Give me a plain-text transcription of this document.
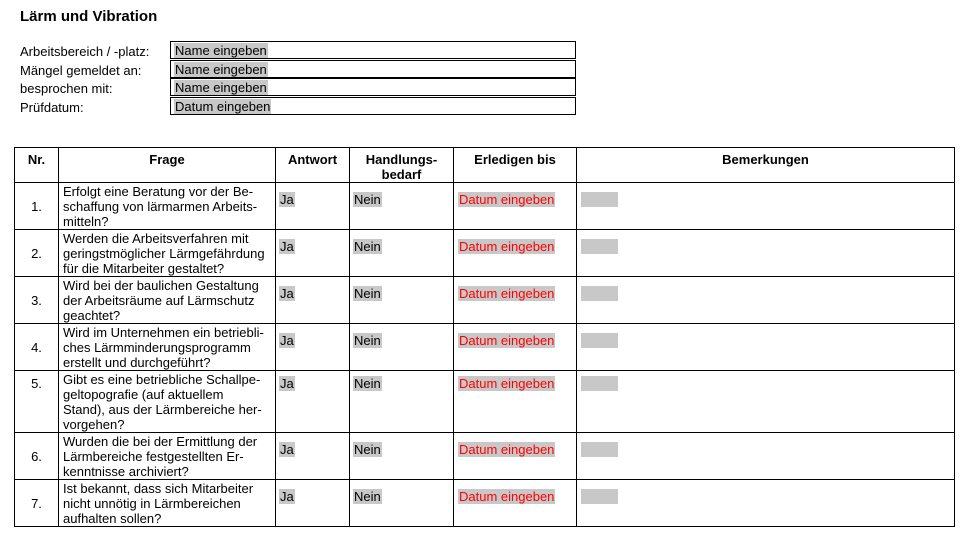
Lärm und Vibration
Arbeitsbereich / -platz:	Name eingeben
Mängel gemeldet an:	Name eingeben
besprochen mit:	Name eingeben
Prüfdatum:	Datum eingeben
Nr.	Frage	Antwort	Handlungs-
bedarf	Erledigen bis	Bemerkungen
1.	Erfolgt eine Beratung vor der Be-
schaffung von lärmarmen Arbeits-
mitteln?	Ja	Nein	Datum eingeben	
2.	Werden die Arbeitsverfahren mit
geringstmöglicher Lärmgefährdung
für die Mitarbeiter gestaltet?	Ja	Nein	Datum eingeben	
3.	Wird bei der baulichen Gestaltung
der Arbeitsräume auf Lärmschutz
geachtet?	Ja	Nein	Datum eingeben	
4.	Wird im Unternehmen ein betriebli-
ches Lärmminderungsprogramm
erstellt und durchgeführt?	Ja	Nein	Datum eingeben	
5.	Gibt es eine betriebliche Schallpe-
geltopografie (auf aktuellem
Stand), aus der Lärmbereiche her-
vorgehen?	Ja	Nein	Datum eingeben	
6.	Wurden die bei der Ermittlung der
Lärmbereiche festgestellten Er-
kenntnisse archiviert?	Ja	Nein	Datum eingeben	
7.	Ist bekannt, dass sich Mitarbeiter
nicht unnötig in Lärmbereichen
aufhalten sollen?	Ja	Nein	Datum eingeben	
